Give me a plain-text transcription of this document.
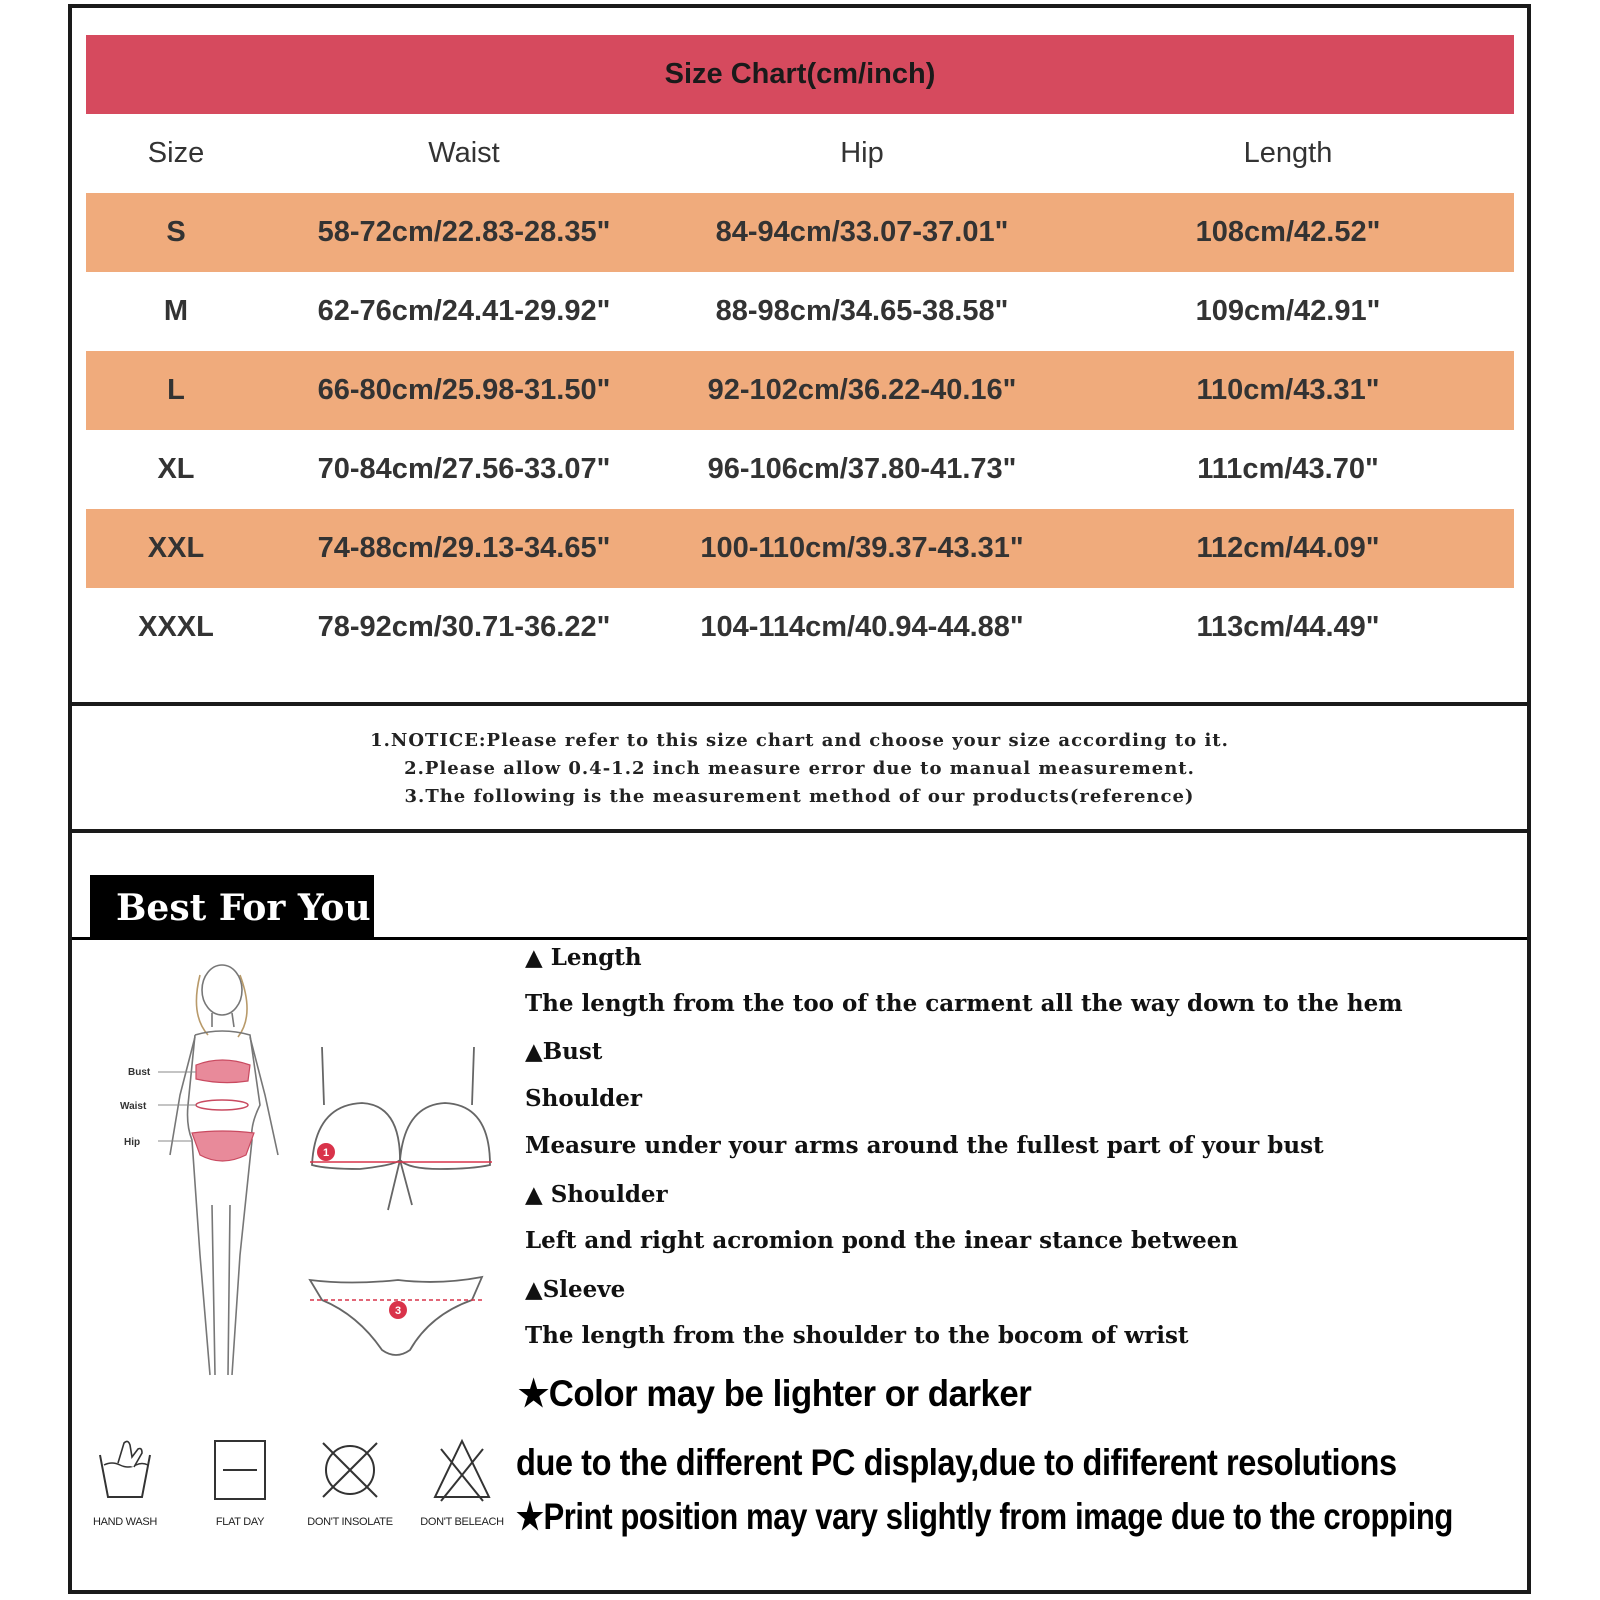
Size Chart(cm/inch)
Size	Waist	Hip	Length
S	58-72cm/22.83-28.35"	84-94cm/33.07-37.01"	108cm/42.52"
M	62-76cm/24.41-29.92"	88-98cm/34.65-38.58"	109cm/42.91"
L	66-80cm/25.98-31.50"	92-102cm/36.22-40.16"	110cm/43.31"
XL	70-84cm/27.56-33.07"	96-106cm/37.80-41.73"	111cm/43.70"
XXL	74-88cm/29.13-34.65"	100-110cm/39.37-43.31"	112cm/44.09"
XXXL	78-92cm/30.71-36.22"	104-114cm/40.94-44.88"	113cm/44.49"
1.NOTICE:Please refer to this size chart and choose your size according to it.
2.Please allow 0.4-1.2 inch measure error due to manual measurement.
3.The following is the measurement method of our products(reference)
Best For You
▲ Length
The length from the too of the carment all the way down to the hem
▲Bust
Shoulder
Measure under your arms around the fullest part of your bust
▲ Shoulder
Left and right acromion pond the inear stance between
▲Sleeve
The length from the shoulder to the bocom of wrist
★Color may be lighter or darker
due to the different PC display,due to dififerent resolutions
★Print position may vary slightly from image due to the cropping
Bust
Waist
Hip
1
3
HAND WASH	FLAT DAY	DON'T INSOLATE	DON'T BELEACH
